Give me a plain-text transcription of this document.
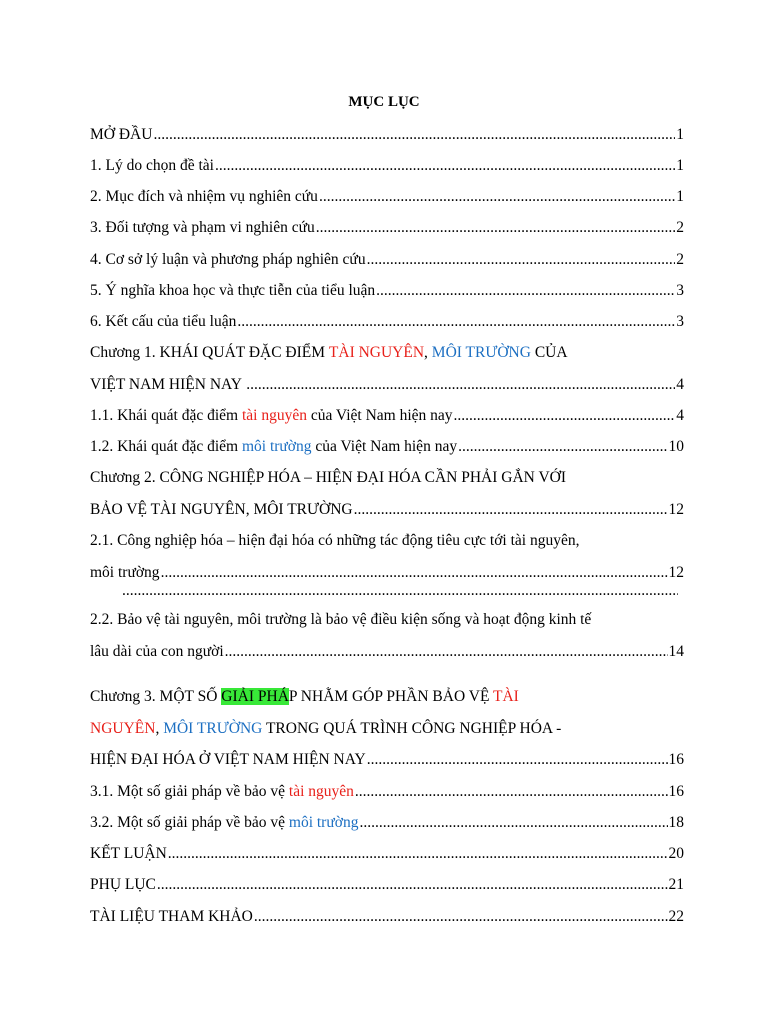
MỤC LỤC
MỞ ĐẦU .....	1
1. Lý do chọn đề tài .....	1
2. Mục đích và nhiệm vụ nghiên cứu .....	1
3. Đối tượng và phạm vi nghiên cứu .....	2
4. Cơ sở lý luận và phương pháp nghiên cứu .....	2
5. Ý nghĩa khoa học và thực tiễn của tiểu luận .....	3
6. Kết cấu của tiểu luận .....	3
Chương 1. KHÁI QUÁT ĐẶC ĐIỂM TÀI NGUYÊN , MÔI TRƯỜNG CỦA
VIỆT NAM HIỆN NAY .....	4
1.1. Khái quát đặc điểm tài nguyên của Việt Nam hiện nay .....	4
1.2. Khái quát đặc điểm môi trường của Việt Nam hiện nay .....	10
Chương 2. CÔNG NGHIỆP HÓA – HIỆN ĐẠI HÓA CẦN PHẢI GẮN VỚI
BẢO VỆ TÀI NGUYÊN, MÔI TRƯỜNG .....	12
2.1. Công nghiệp hóa – hiện đại hóa có những tác động tiêu cực tới tài nguyên,
môi trường .....	12
.....
2.2. Bảo vệ tài nguyên, môi trường là bảo vệ điều kiện sống và hoạt động kinh tế
lâu dài của con người .....	14
Chương 3. MỘT SỐ GIẢI PHÁP NHẰM GÓP PHẦN BẢO VỆ TÀI
NGUYÊN, MÔI TRƯỜNG TRONG QUÁ TRÌNH CÔNG NGHIỆP HÓA -
HIỆN ĐẠI HÓA Ở VIỆT NAM HIỆN NAY .....	16
3.1. Một số giải pháp về bảo vệ tài nguyên .....	16
3.2. Một số giải pháp về bảo vệ môi trường .....	18
KẾT LUẬN .....	20
PHỤ LỤC .....	21
TÀI LIỆU THAM KHẢO .....	22
